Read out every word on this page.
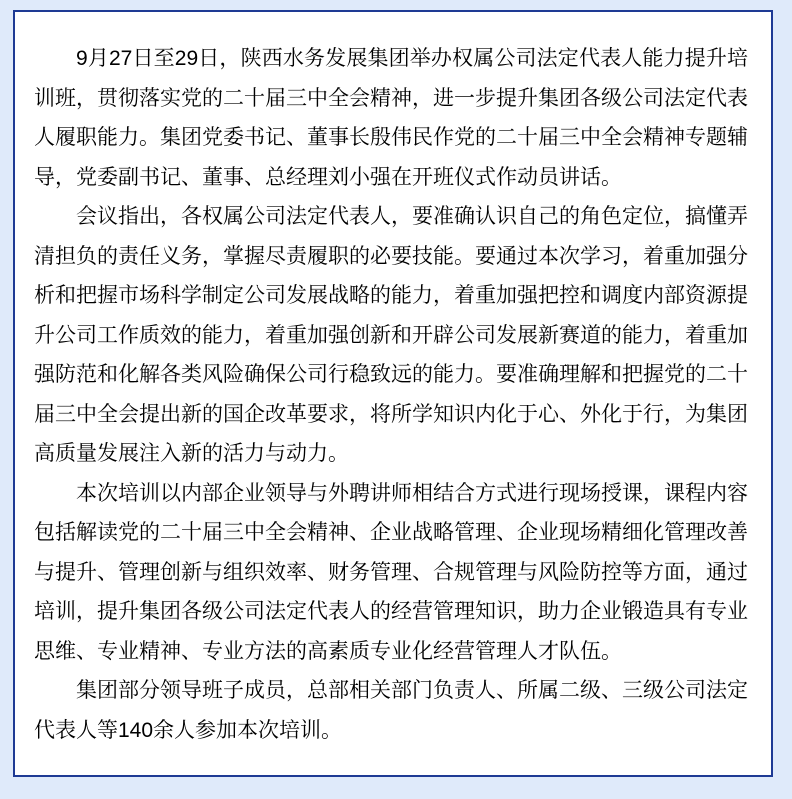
9月27日至29日，陕西水务发展集团举办权属公司法定代表人能力提升培训班，贯彻落实党的二十届三中全会精神，进一步提升集团各级公司法定代表人履职能力。集团党委书记、董事长殷伟民作党的二十届三中全会精神专题辅导，党委副书记、董事、总经理刘小强在开班仪式作动员讲话。

会议指出，各权属公司法定代表人，要准确认识自己的角色定位，搞懂弄清担负的责任义务，掌握尽责履职的必要技能。要通过本次学习，着重加强分析和把握市场科学制定公司发展战略的能力，着重加强把控和调度内部资源提升公司工作质效的能力，着重加强创新和开辟公司发展新赛道的能力，着重加强防范和化解各类风险确保公司行稳致远的能力。要准确理解和把握党的二十届三中全会提出新的国企改革要求，将所学知识内化于心、外化于行，为集团高质量发展注入新的活力与动力。

本次培训以内部企业领导与外聘讲师相结合方式进行现场授课，课程内容包括解读党的二十届三中全会精神、企业战略管理、企业现场精细化管理改善与提升、管理创新与组织效率、财务管理、合规管理与风险防控等方面，通过培训，提升集团各级公司法定代表人的经营管理知识，助力企业锻造具有专业思维、专业精神、专业方法的高素质专业化经营管理人才队伍。

集团部分领导班子成员，总部相关部门负责人、所属二级、三级公司法定代表人等140余人参加本次培训。
